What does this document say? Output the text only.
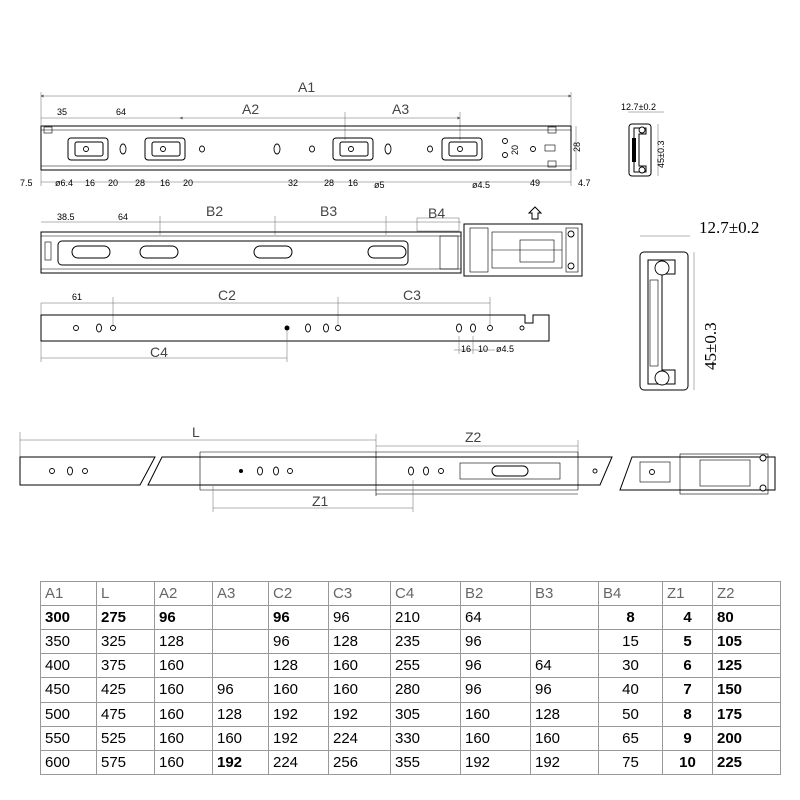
A1
A2	A3
35	64
7.5 ø6.4 16 20 28 16 20	32	28 16 ø5	ø4.5	49	4.7
20	28
12.7±0.2
45±0.3
38.5	64	B2	B3	B4
12.7±0.2
45±0.3
61	C2	C3
C4	16 10 ø4.5
L	Z2
Z1
A1	L	A2	A3	C2	C3	C4	B2	B3	B4	Z1	Z2
300	275	96		96	96	210	64		8	4	80
350	325	128		96	128	235	96		15	5	105
400	375	160		128	160	255	96	64	30	6	125
450	425	160	96	160	160	280	96	96	40	7	150
500	475	160	128	192	192	305	160	128	50	8	175
550	525	160	160	192	224	330	160	160	65	9	200
600	575	160	192	224	256	355	192	192	75	10	225
